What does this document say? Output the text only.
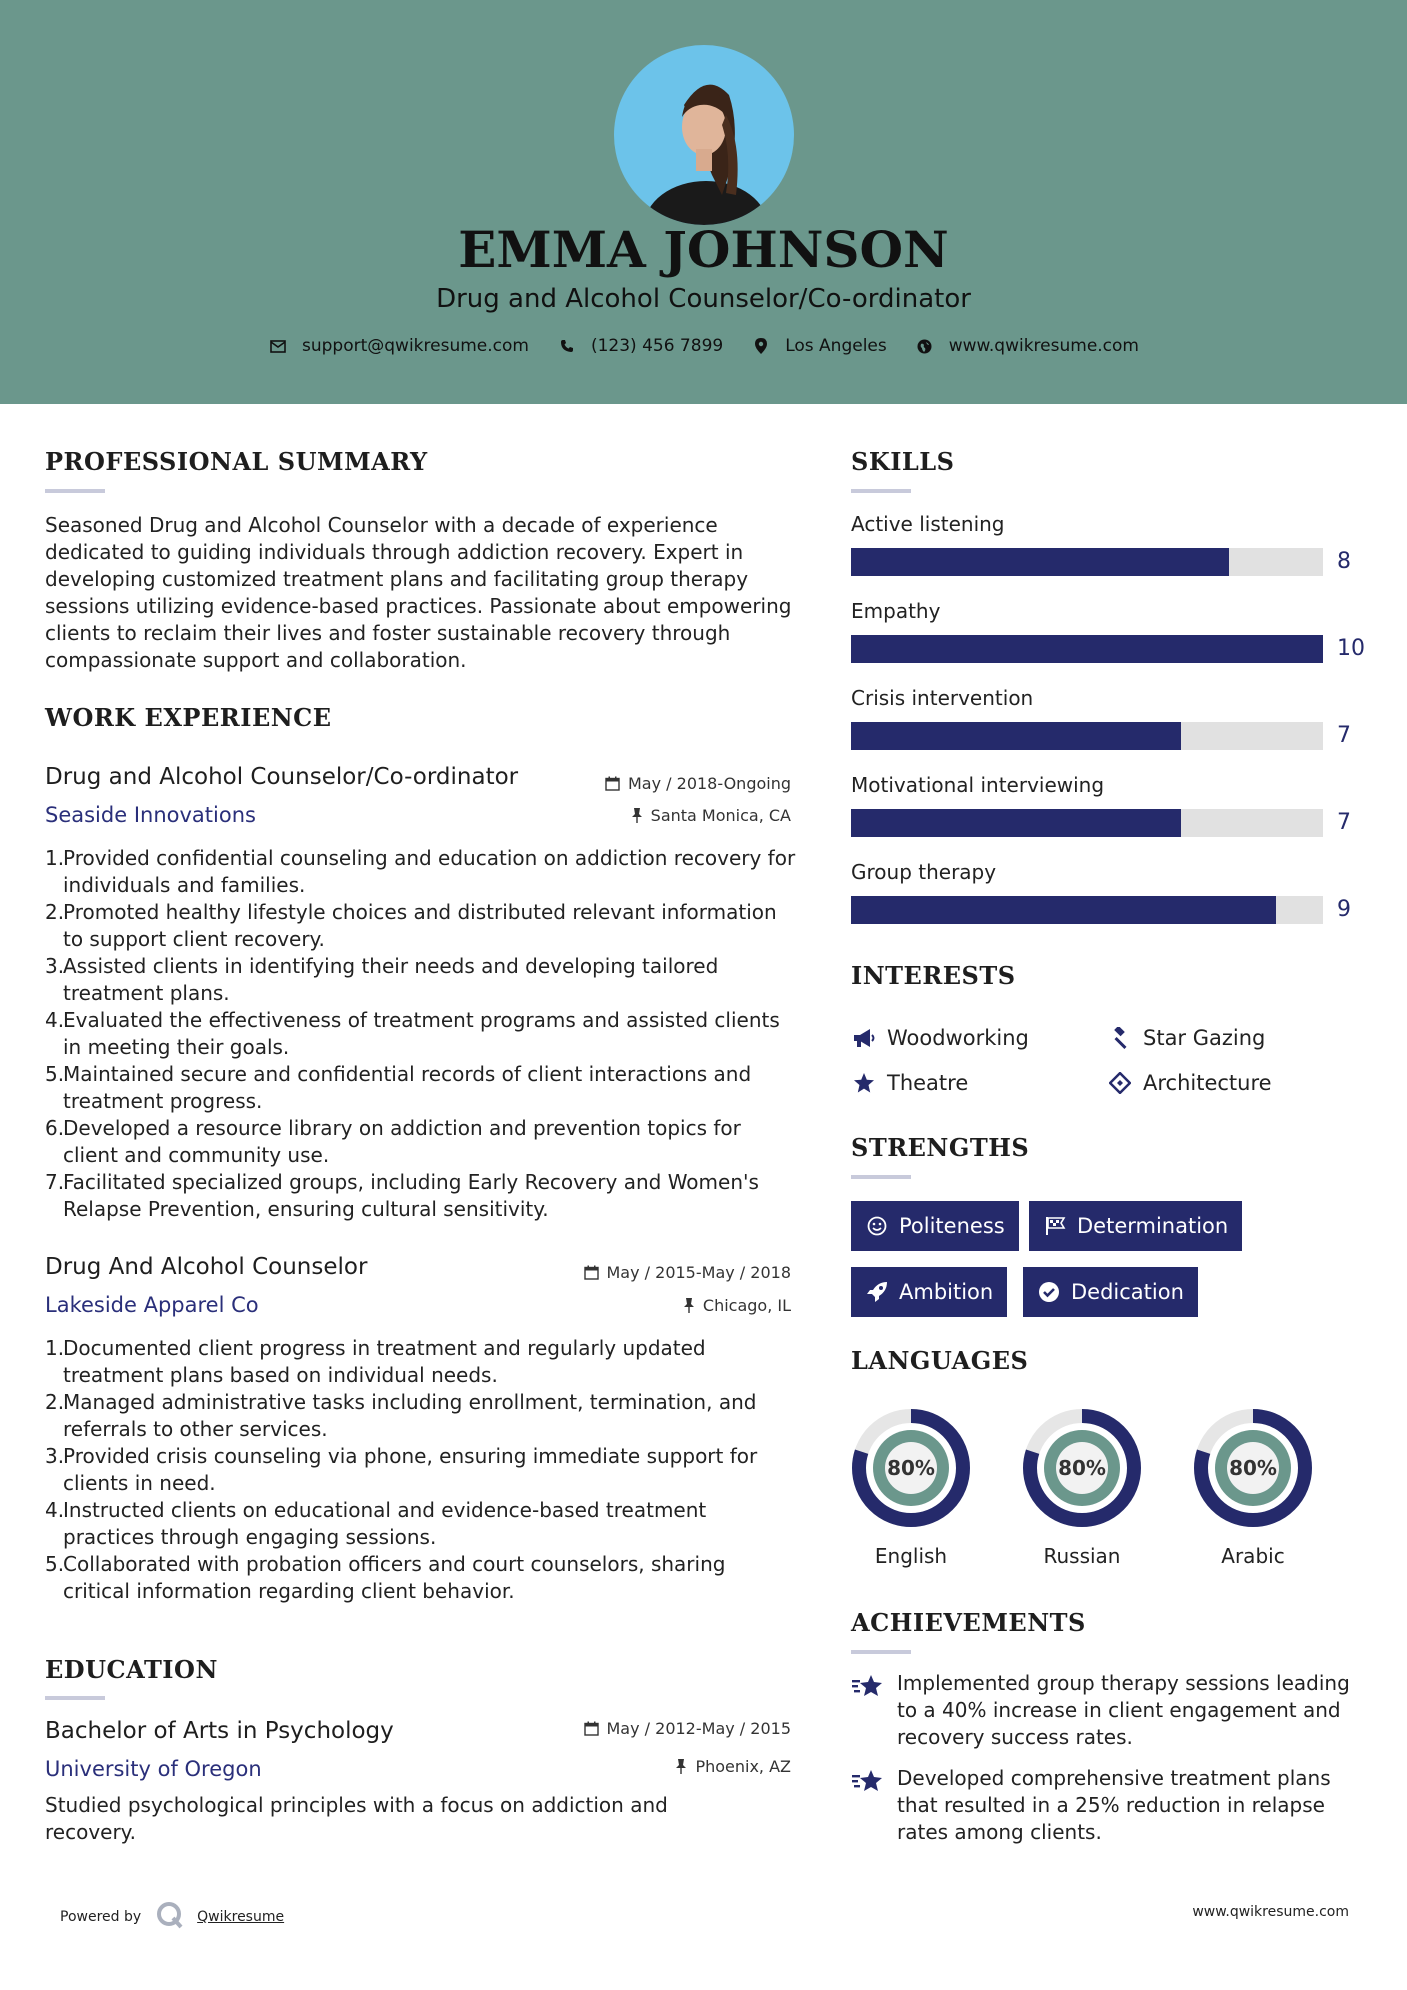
EMMA JOHNSON
Drug and Alcohol Counselor/Co-ordinator
support@qwikresume.com	(123) 456 7899	Los Angeles	www.qwikresume.com
PROFESSIONAL SUMMARY
Seasoned Drug and Alcohol Counselor with a decade of experience dedicated to guiding individuals through addiction recovery. Expert in developing customized treatment plans and facilitating group therapy sessions utilizing evidence-based practices. Passionate about empowering clients to reclaim their lives and foster sustainable recovery through compassionate support and collaboration.
WORK EXPERIENCE
Drug and Alcohol Counselor/Co-ordinator	May / 2018-Ongoing
Seaside Innovations	Santa Monica, CA
1.
Provided confidential counseling and education on addiction recovery for individuals and families.
2.
Promoted healthy lifestyle choices and distributed relevant information to support client recovery.
3.
Assisted clients in identifying their needs and developing tailored treatment plans.
4.
Evaluated the effectiveness of treatment programs and assisted clients in meeting their goals.
5.
Maintained secure and confidential records of client interactions and treatment progress.
6.
Developed a resource library on addiction and prevention topics for client and community use.
7.
Facilitated specialized groups, including Early Recovery and Women's Relapse Prevention, ensuring cultural sensitivity.
Drug And Alcohol Counselor	May / 2015-May / 2018
Lakeside Apparel Co	Chicago, IL
1.
Documented client progress in treatment and regularly updated treatment plans based on individual needs.
2.
Managed administrative tasks including enrollment, termination, and referrals to other services.
3.
Provided crisis counseling via phone, ensuring immediate support for clients in need.
4.
Instructed clients on educational and evidence-based treatment practices through engaging sessions.
5.
Collaborated with probation officers and court counselors, sharing critical information regarding client behavior.
EDUCATION
Bachelor of Arts in Psychology	May / 2012-May / 2015
University of Oregon	Phoenix, AZ
Studied psychological principles with a focus on addiction and recovery.
SKILLS
Active listening
8
Empathy
10
Crisis intervention
7
Motivational interviewing
7
Group therapy
9
INTERESTS
Woodworking	Star Gazing
Theatre	Architecture
STRENGTHS
Politeness	Determination
Ambition	Dedication
LANGUAGES
80%
English
80%
Russian
80%
Arabic
ACHIEVEMENTS
Implemented group therapy sessions leading to a 40% increase in client engagement and recovery success rates.
Developed comprehensive treatment plans that resulted in a 25% reduction in relapse rates among clients.
Powered by	Qwikresume	www.qwikresume.com
